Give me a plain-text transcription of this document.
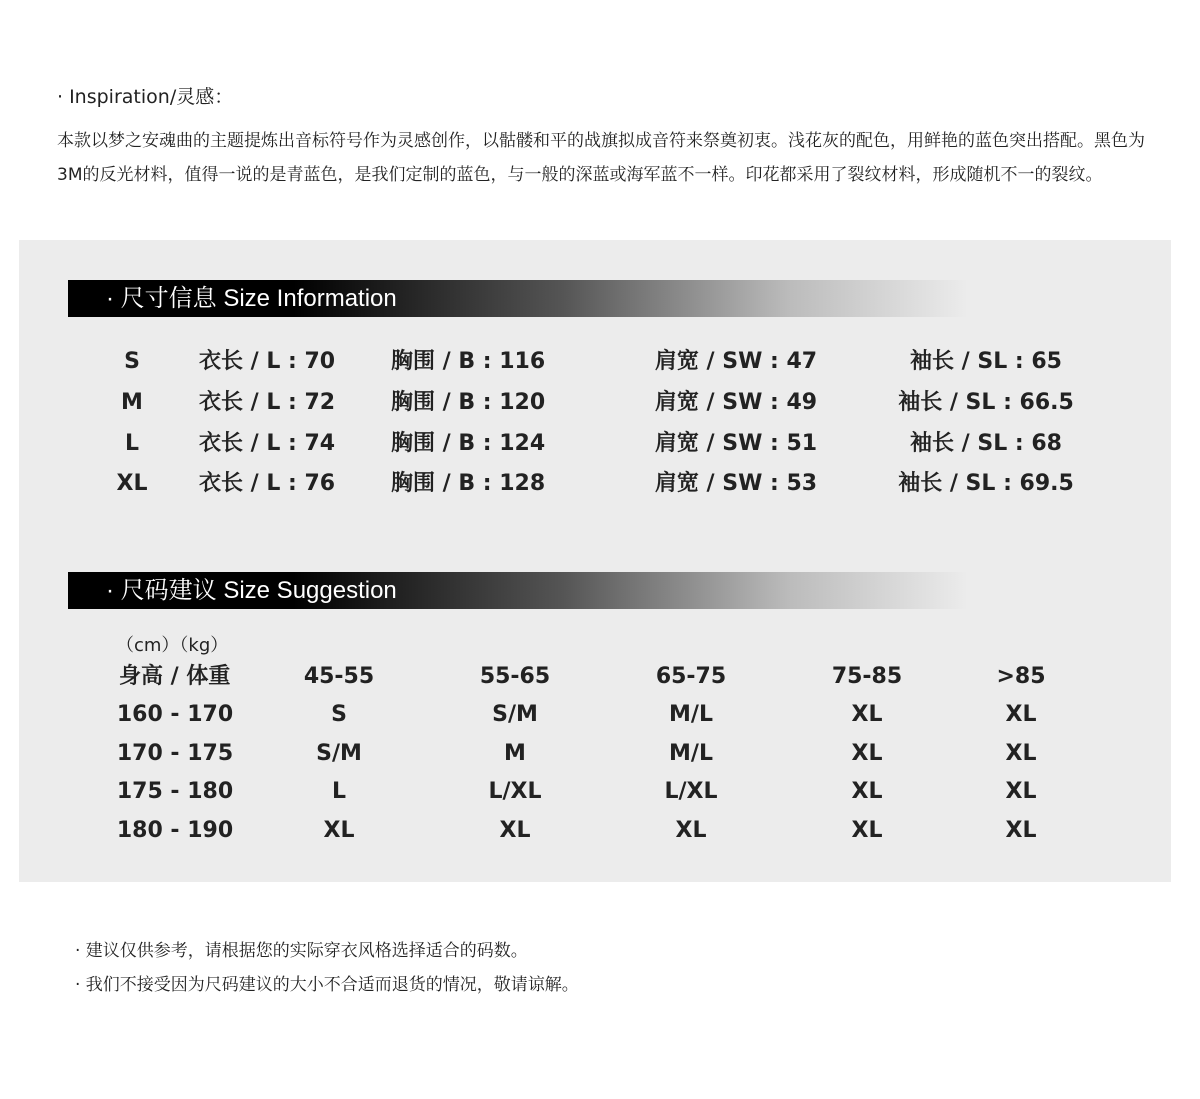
· Inspiration/灵感：
本款以梦之安魂曲的主题提炼出音标符号作为灵感创作，以骷髅和平的战旗拟成音符来祭奠初衷。浅花灰的配色，用鲜艳的蓝色突出搭配。黑色为3M的反光材料，值得一说的是青蓝色，是我们定制的蓝色，与一般的深蓝或海军蓝不一样。印花都采用了裂纹材料，形成随机不一的裂纹。
· 尺寸信息 Size Information
S	衣长 / L : 70	胸围 / B : 116	肩宽 / SW : 47	袖长 / SL : 65
M	衣长 / L : 72	胸围 / B : 120	肩宽 / SW : 49	袖长 / SL : 66.5
L	衣长 / L : 74	胸围 / B : 124	肩宽 / SW : 51	袖长 / SL : 68
XL 衣长 / L : 76	胸围 / B : 128	肩宽 / SW : 53	袖长 / SL : 69.5
· 尺码建议 Size Suggestion
（cm）（kg）
身高 / 体重	45-55	55-65	65-75	75-85	>85
160 - 170	S	S/M	M/L	XL	XL
170 - 175	S/M	M	M/L	XL	XL
175 - 180	L	L/XL	L/XL	XL	XL
180 - 190	XL	XL	XL	XL	XL
· 建议仅供参考，请根据您的实际穿衣风格选择适合的码数。
· 我们不接受因为尺码建议的大小不合适而退货的情况，敬请谅解。
